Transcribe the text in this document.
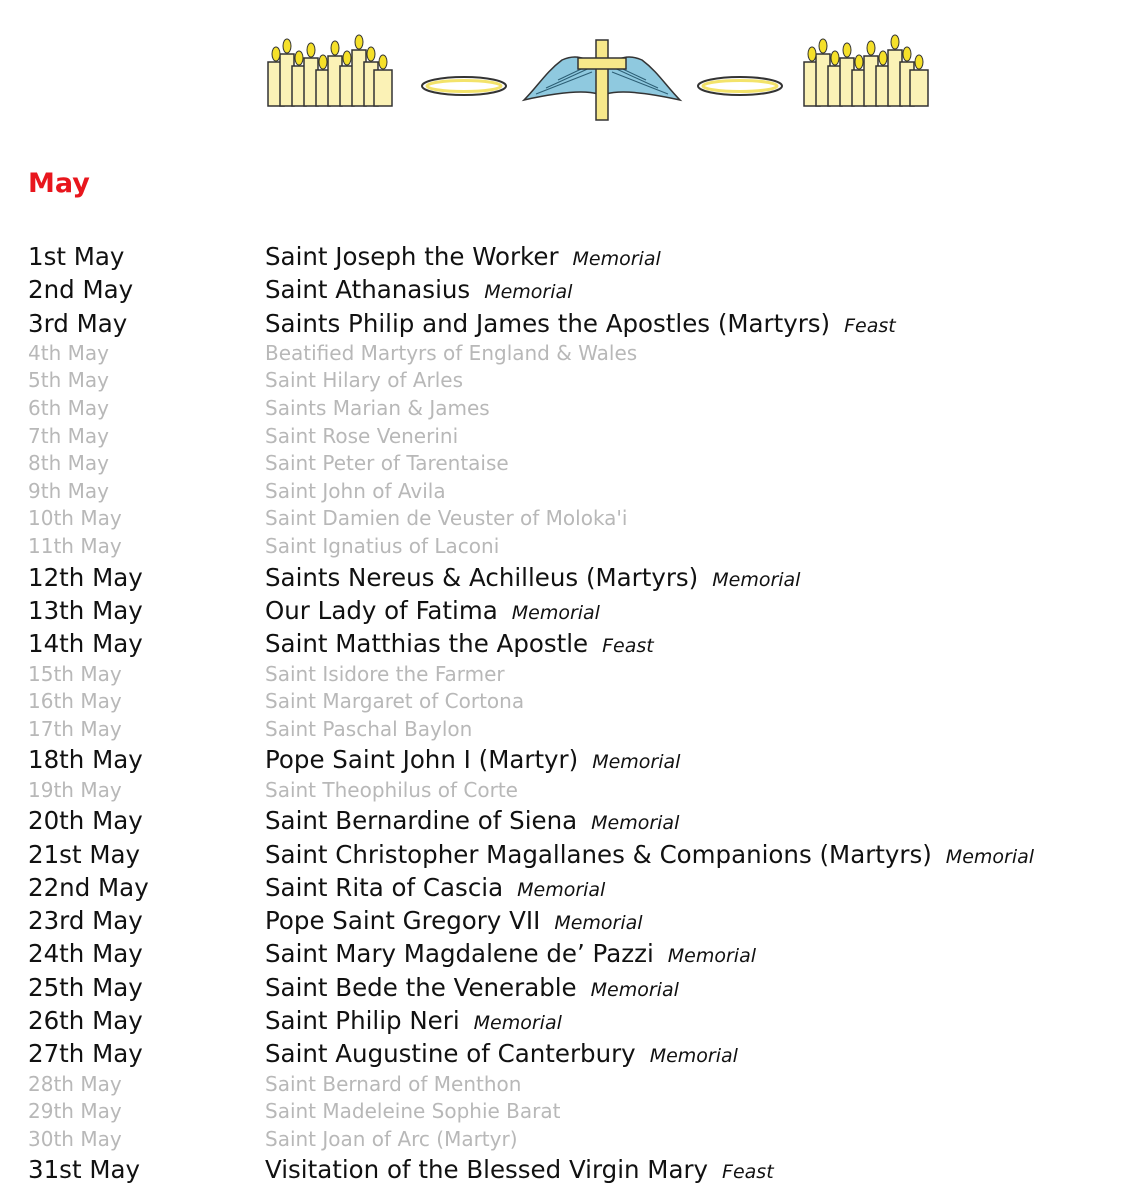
May
1st May	Saint Joseph the Worker Memorial
2nd May	Saint Athanasius Memorial
3rd May	Saints Philip and James the Apostles (Martyrs) Feast
4th May	Beatified Martyrs of England & Wales
5th May	Saint Hilary of Arles
6th May	Saints Marian & James
7th May	Saint Rose Venerini
8th May	Saint Peter of Tarentaise
9th May	Saint John of Avila
10th May	Saint Damien de Veuster of Moloka'i
11th May	Saint Ignatius of Laconi
12th May	Saints Nereus & Achilleus (Martyrs) Memorial
13th May	Our Lady of Fatima Memorial
14th May	Saint Matthias the Apostle Feast
15th May	Saint Isidore the Farmer
16th May	Saint Margaret of Cortona
17th May	Saint Paschal Baylon
18th May	Pope Saint John I (Martyr) Memorial
19th May	Saint Theophilus of Corte
20th May	Saint Bernardine of Siena Memorial
21st May	Saint Christopher Magallanes & Companions (Martyrs) Memorial
22nd May	Saint Rita of Cascia Memorial
23rd May	Pope Saint Gregory VII Memorial
24th May	Saint Mary Magdalene de’ Pazzi Memorial
25th May	Saint Bede the Venerable Memorial
26th May	Saint Philip Neri Memorial
27th May	Saint Augustine of Canterbury Memorial
28th May	Saint Bernard of Menthon
29th May	Saint Madeleine Sophie Barat
30th May	Saint Joan of Arc (Martyr)
31st May	Visitation of the Blessed Virgin Mary Feast
